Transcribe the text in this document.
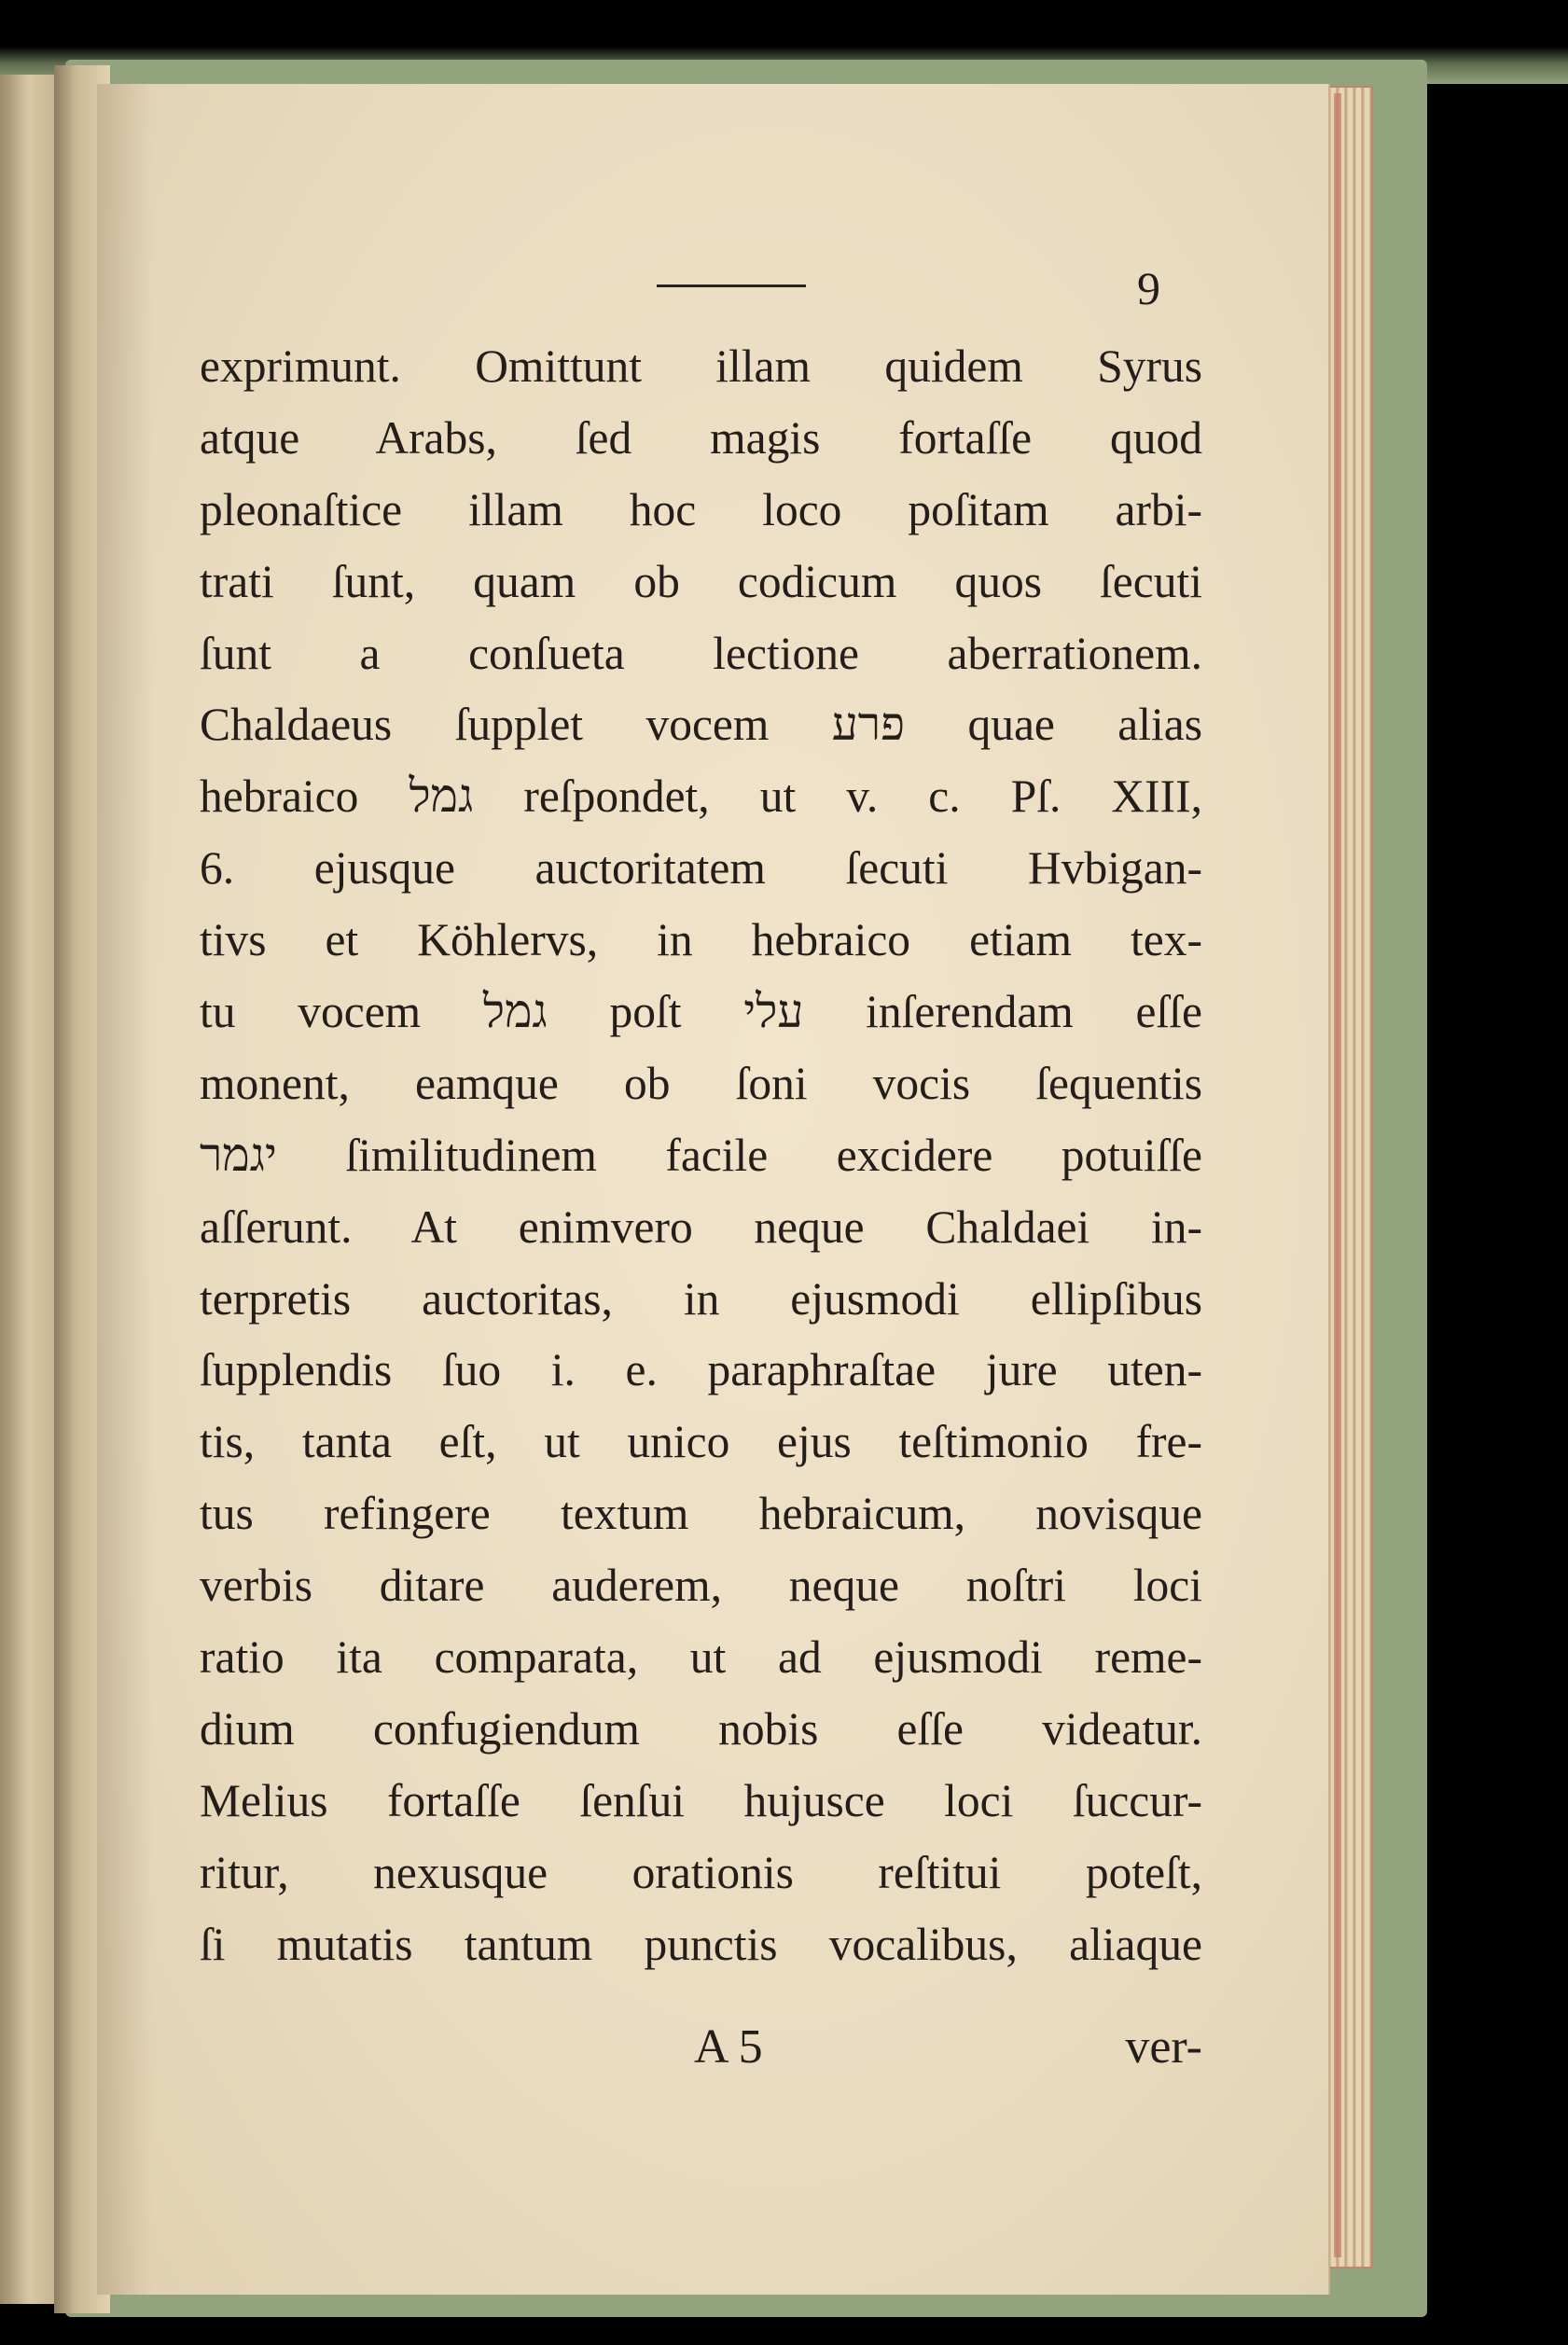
9
exprimunt. Omittunt illam quidem Syrus
atque Arabs, ſed magis fortaſſe quod
pleonaſtice illam hoc loco poſitam arbi-
trati ſunt, quam ob codicum quos ſecuti
ſunt a conſueta lectione aberrationem.
Chaldaeus ſupplet vocem פרע quae alias
hebraico גמל reſpondet, ut v. c. Pſ. XIII,
6. ejusque auctoritatem ſecuti Hvbigan-
tivs et Köhlervs, in hebraico etiam tex-
tu vocem גמל poſt עלי inſerendam eſſe
monent, eamque ob ſoni vocis ſequentis
יגמר ſimilitudinem facile excidere potuiſſe
aſſerunt. At enimvero neque Chaldaei in-
terpretis auctoritas, in ejusmodi ellipſibus
ſupplendis ſuo i. e. paraphraſtae jure uten-
tis, tanta eſt, ut unico ejus teſtimonio fre-
tus refingere textum hebraicum, novisque
verbis ditare auderem, neque noſtri loci
ratio ita comparata, ut ad ejusmodi reme-
dium confugiendum nobis eſſe videatur.
Melius fortaſſe ſenſui hujusce loci ſuccur-
ritur, nexusque orationis reſtitui poteſt,
ſi mutatis tantum punctis vocalibus, aliaque
A 5	ver-
